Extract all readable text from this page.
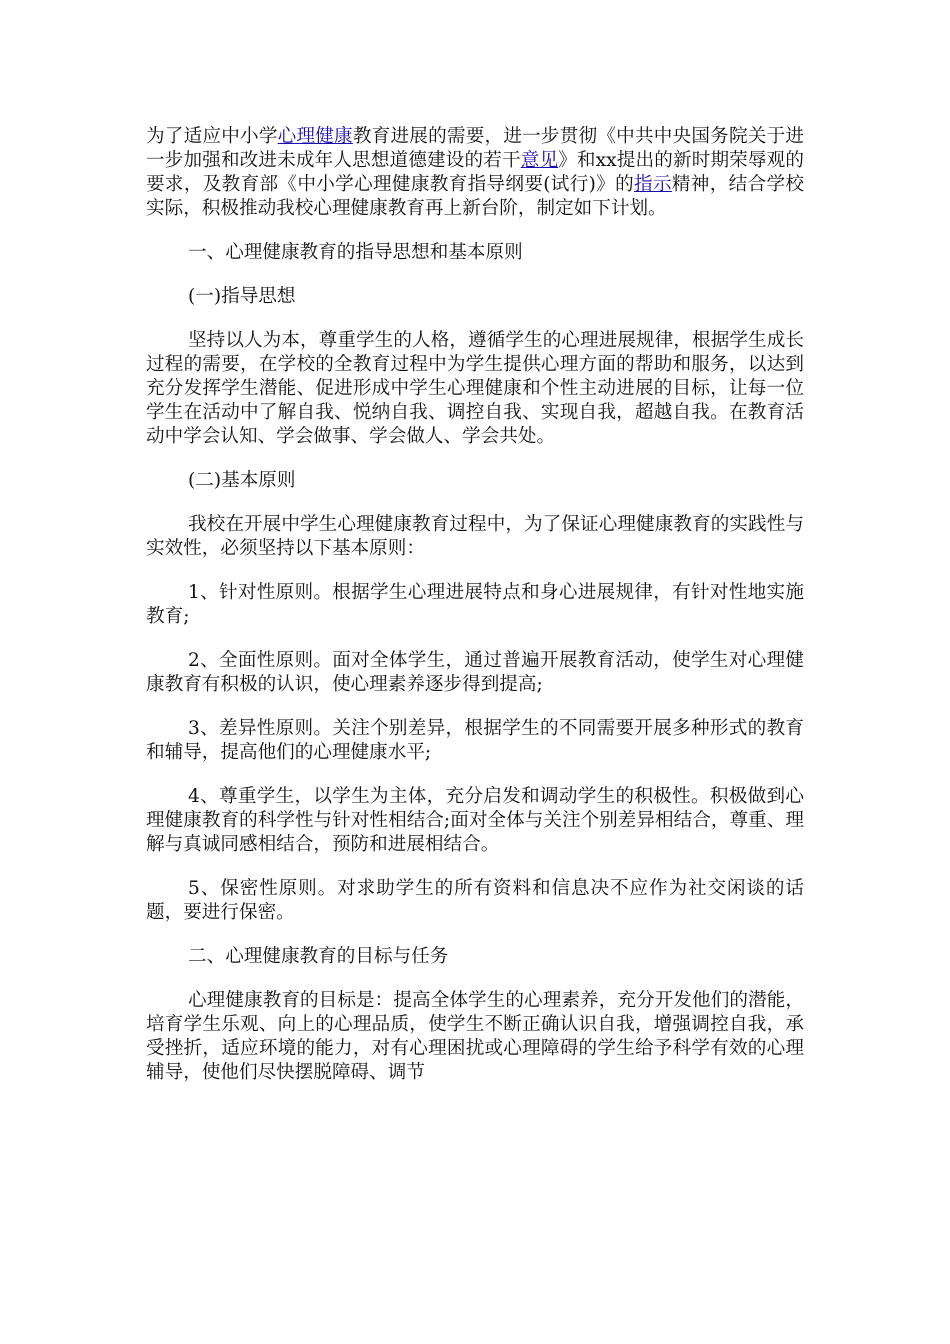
为了适应中小学心理健康教育进展的需要，进一步贯彻《中共中央国务院关于进一步加强和改进未成年人思想道德建设的若干意见》和xx提出的新时期荣辱观的要求，及教育部《中小学心理健康教育指导纲要(试行)》的指示精神，结合学校实际，积极推动我校心理健康教育再上新台阶，制定如下计划。

一、心理健康教育的指导思想和基本原则

(一)指导思想

坚持以人为本，尊重学生的人格，遵循学生的心理进展规律，根据学生成长过程的需要，在学校的全教育过程中为学生提供心理方面的帮助和服务，以达到充分发挥学生潜能、促进形成中学生心理健康和个性主动进展的目标，让每一位学生在活动中了解自我、悦纳自我、调控自我、实现自我，超越自我。在教育活动中学会认知、学会做事、学会做人、学会共处。

(二)基本原则

我校在开展中学生心理健康教育过程中，为了保证心理健康教育的实践性与实效性，必须坚持以下基本原则：

1、针对性原则。根据学生心理进展特点和身心进展规律，有针对性地实施教育;

2、全面性原则。面对全体学生，通过普遍开展教育活动，使学生对心理健康教育有积极的认识，使心理素养逐步得到提高;

3、差异性原则。关注个别差异，根据学生的不同需要开展多种形式的教育和辅导，提高他们的心理健康水平;

4、尊重学生，以学生为主体，充分启发和调动学生的积极性。积极做到心理健康教育的科学性与针对性相结合;面对全体与关注个别差异相结合，尊重、理解与真诚同感相结合，预防和进展相结合。

5、保密性原则。对求助学生的所有资料和信息决不应作为社交闲谈的话题，要进行保密。

二、心理健康教育的目标与任务

心理健康教育的目标是：提高全体学生的心理素养，充分开发他们的潜能，培育学生乐观、向上的心理品质，使学生不断正确认识自我，增强调控自我，承受挫折，适应环境的能力，对有心理困扰或心理障碍的学生给予科学有效的心理辅导，使他们尽快摆脱障碍、调节
